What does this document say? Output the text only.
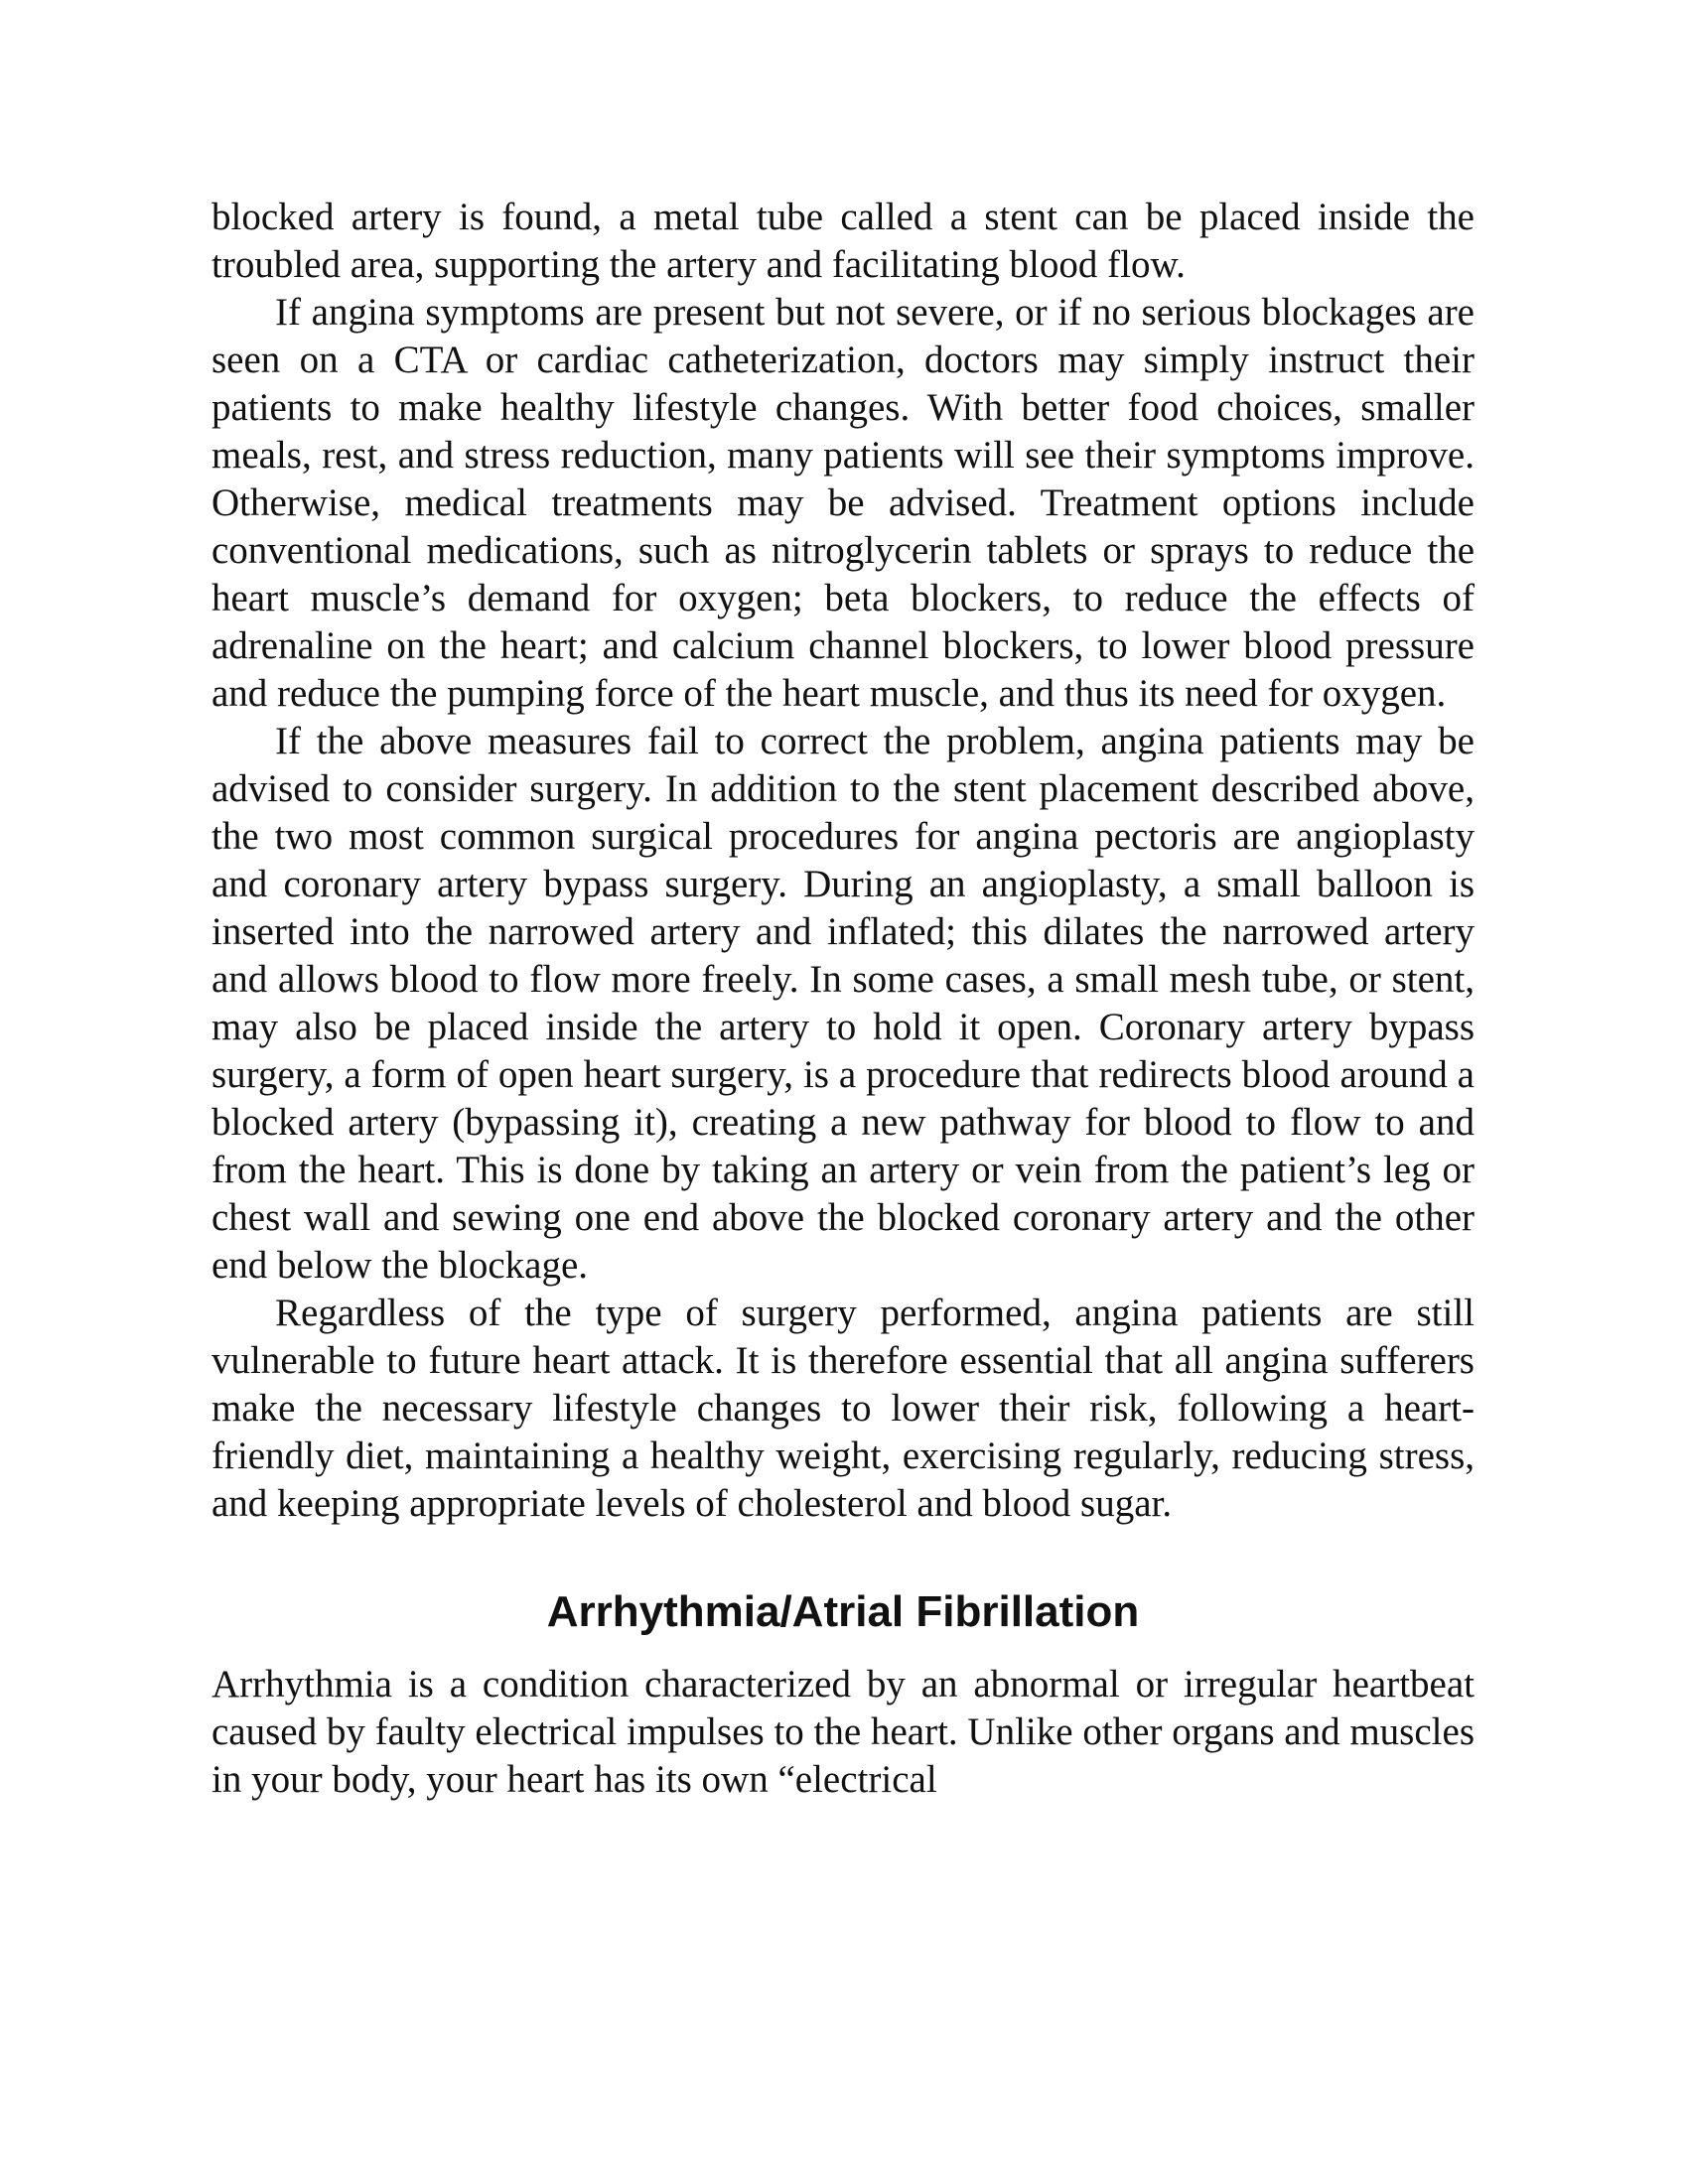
blocked artery is found, a metal tube called a stent can be placed inside the troubled area, supporting the artery and facilitating blood flow.

If angina symptoms are present but not severe, or if no serious blockages are seen on a CTA or cardiac catheterization, doctors may simply instruct their patients to make healthy lifestyle changes. With better food choices, smaller meals, rest, and stress reduction, many patients will see their symptoms improve. Otherwise, medical treatments may be advised. Treatment options include conventional medications, such as nitroglycerin tablets or sprays to reduce the heart muscle’s demand for oxygen; beta blockers, to reduce the effects of adrenaline on the heart; and calcium channel blockers, to lower blood pressure and reduce the pumping force of the heart muscle, and thus its need for oxygen.

If the above measures fail to correct the problem, angina patients may be advised to consider surgery. In addition to the stent placement described above, the two most common surgical procedures for angina pectoris are angioplasty and coronary artery bypass surgery. During an angioplasty, a small balloon is inserted into the narrowed artery and inflated; this dilates the narrowed artery and allows blood to flow more freely. In some cases, a small mesh tube, or stent, may also be placed inside the artery to hold it open. Coronary artery bypass surgery, a form of open heart surgery, is a procedure that redirects blood around a blocked artery (bypassing it), creating a new pathway for blood to flow to and from the heart. This is done by taking an artery or vein from the patient’s leg or chest wall and sewing one end above the blocked coronary artery and the other end below the blockage.

Regardless of the type of surgery performed, angina patients are still vulnerable to future heart attack. It is therefore essential that all angina sufferers make the necessary lifestyle changes to lower their risk, following a heart-friendly diet, maintaining a healthy weight, exercising regularly, reducing stress, and keeping appropriate levels of cholesterol and blood sugar.

Arrhythmia/Atrial Fibrillation

Arrhythmia is a condition characterized by an abnormal or irregular heartbeat caused by faulty electrical impulses to the heart. Unlike other organs and muscles in your body, your heart has its own “electrical
